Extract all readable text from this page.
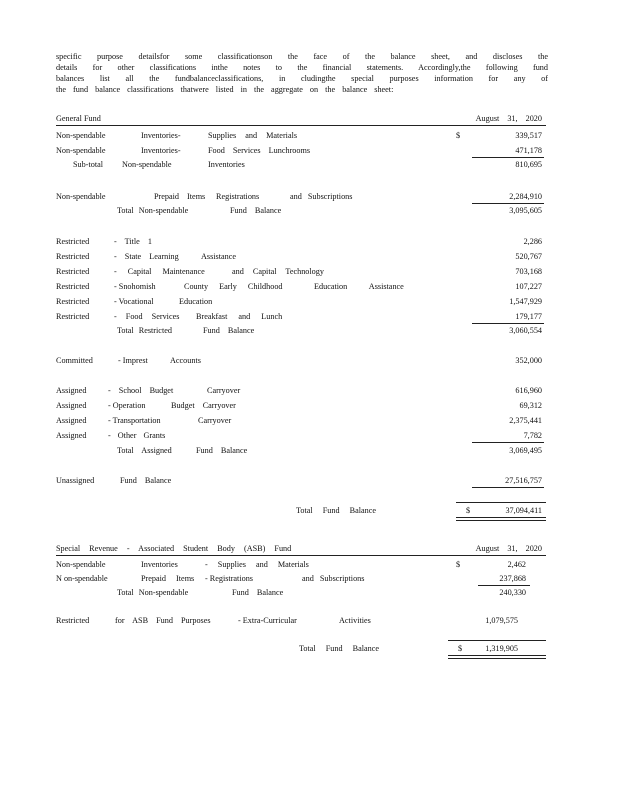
specific purpose detailsfor some classificationson the face of the balance sheet, and discloses the
details for other classifications inthe notes to the financial statements. Accordingly,the following fund
balances list all the fundbalanceclassifications, in cludingthe special purposes information for any of
the fund balance classifications thatwere listed in the aggregate on the balance sheet:
General Fund	August 31, 2020
$
Non-spendable	Inventories-	Supplies and Materials	339,517
Non-spendable	Inventories-	Food Services Lunchrooms	471,178
Sub-total Non-spendable	Inventories	810,695
Non-spendable	Prepaid Items Registrations	and Subscriptions	2,284,910
Total Non-spendable	Fund Balance	3,095,605
Restricted	- Title 1	2,286
Restricted	- State Learning	Assistance	520,767
Restricted	- Capital Maintenance	and Capital Technology	703,168
Restricted	- Snohomish	County Early Childhood	Education Assistance	107,227
Restricted	- Vocational	Education	1,547,929
Restricted	- Food Services Breakfast and Lunch	179,177
Total Restricted	Fund Balance	3,060,554
Committed	- Imprest	Accounts	352,000
Assigned	- School Budget	Carryover	616,960
Assigned	- Operation	Budget Carryover	69,312
Assigned	- Transportation	Carryover	2,375,441
Assigned	- Other Grants	7,782
Total Assigned	Fund Balance	3,069,495
Unassigned	Fund Balance	27,516,757
Total Fund Balance	$	37,094,411
Special Revenue - Associated Student Body (ASB) Fund	August 31, 2020
$
Non-spendable	Inventories	- Supplies and Materials	2,462
N on-spendable	Prepaid Items - Registrations	and Subscriptions	237,868
Total Non-spendable	Fund Balance	240,330
Restricted	for ASB Fund Purposes	- Extra-Curricular	Activities	1,079,575
Total Fund Balance	$	1,319,905
